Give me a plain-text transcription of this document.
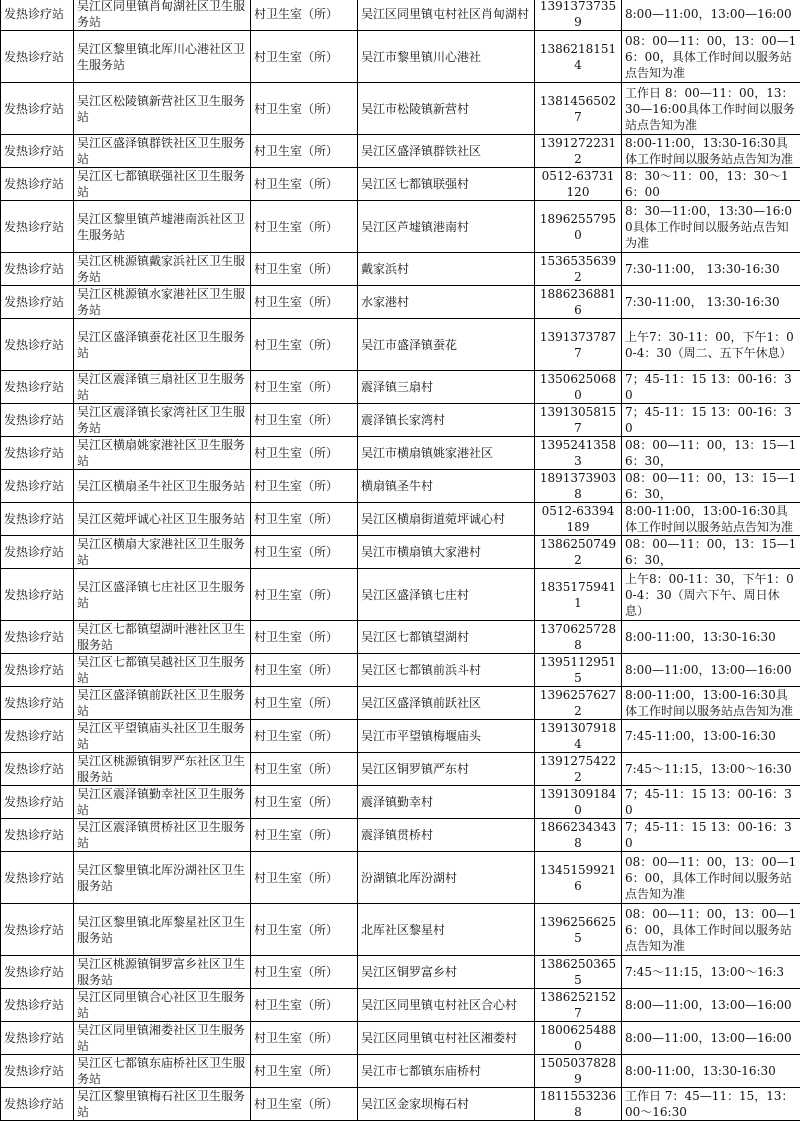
发热诊疗站	吴江区同里镇肖甸湖社区卫生服务站	村卫生室（所）	吴江区同里镇屯村社区肖甸湖村	13913737359	8:00—11:00，13:00—16:00
发热诊疗站	吴江区黎里镇北厍川心港社区卫生服务站	村卫生室（所）	吴江市黎里镇川心港社	13862181514	08：00—11：00，13：00—16：00，具体工作时间以服务站点告知为准
发热诊疗站	吴江区松陵镇新营社区卫生服务站	村卫生室（所）	吴江市松陵镇新营村	13814565027	工作日 8：00—11：00，13：30—16:00具体工作时间以服务站点告知为准
发热诊疗站	吴江区盛泽镇群铁社区卫生服务站	村卫生室（所）	吴江区盛泽镇群铁社区	13912722312	8:00-11:00，13:30-16:30具体工作时间以服务站点告知为准
发热诊疗站	吴江区七都镇联强社区卫生服务站	村卫生室（所）	吴江区七都镇联强村	0512-63731120	8：30～11：00，13：30～16：00
发热诊疗站	吴江区黎里镇芦墟港南浜社区卫生服务站	村卫生室（所）	吴江区芦墟镇港南村	18962557950	8：30—11:00，13:30—16:00具体工作时间以服务站点告知为准
发热诊疗站	吴江区桃源镇戴家浜社区卫生服务站	村卫生室（所）	戴家浜村	15365356392	7:30-11:00， 13:30-16:30
发热诊疗站	吴江区桃源镇水家港社区卫生服务站	村卫生室（所）	水家港村	18862368816	7:30-11:00， 13:30-16:30
发热诊疗站	吴江区盛泽镇蚕花社区卫生服务站	村卫生室（所）	吴江市盛泽镇蚕花	13913737877	上午7：30-11：00，下午1：00-4：30（周二、五下午休息）
发热诊疗站	吴江区震泽镇三扇社区卫生服务站	村卫生室（所）	震泽镇三扇村	13506250680	7；45-11：15 13：00-16：30
发热诊疗站	吴江区震泽镇长家湾社区卫生服务站	村卫生室（所）	震泽镇长家湾村	13913058157	7；45-11：15 13：00-16：30
发热诊疗站	吴江区横扇姚家港社区卫生服务站	村卫生室（所）	吴江市横扇镇姚家港社区	13952413583	08：00—11：00，13：15—16：30，
发热诊疗站	吴江区横扇圣牛社区卫生服务站	村卫生室（所）	横扇镇圣牛村	18913739038	08：00—11：00，13：15—16：30，
发热诊疗站	吴江区菀坪诚心社区卫生服务站	村卫生室（所）	吴江区横扇街道菀坪诚心村	0512-63394189	8:00-11:00，13:00-16:30具体工作时间以服务站点告知为准
发热诊疗站	吴江区横扇大家港社区卫生服务站	村卫生室（所）	吴江市横扇镇大家港村	13862507492	08：00—11：00，13：15—16：30，
发热诊疗站	吴江区盛泽镇七庄社区卫生服务站	村卫生室（所）	吴江区盛泽镇七庄村	18351759411	上午8：00-11：30，下午1：00-4：30（周六下午、周日休息）
发热诊疗站	吴江区七都镇望湖叶港社区卫生服务站	村卫生室（所）	吴江区七都镇望湖村	13706257288	8:00-11:00，13:30-16:30
发热诊疗站	吴江区七都镇吴越社区卫生服务站	村卫生室（所）	吴江区七都镇前浜斗村	13951129515	8:00—11:00，13:00—16:00
发热诊疗站	吴江区盛泽镇前跃社区卫生服务站	村卫生室（所）	吴江区盛泽镇前跃社区	13962576272	8:00-11:00，13:00-16:30具体工作时间以服务站点告知为准
发热诊疗站	吴江区平望镇庙头社区卫生服务站	村卫生室（所）	吴江市平望镇梅堰庙头	13913079184	7:45-11:00，13:00-16:30
发热诊疗站	吴江区桃源镇铜罗严东社区卫生服务站	村卫生室（所）	吴江区铜罗镇严东村	13912754222	7:45～11:15，13:00～16:30
发热诊疗站	吴江区震泽镇勤幸社区卫生服务站	村卫生室（所）	震泽镇勤幸村	13913091840	7；45-11：15 13：00-16：30
发热诊疗站	吴江区震泽镇贯桥社区卫生服务站	村卫生室（所）	震泽镇贯桥村	18662343438	7；45-11：15 13：00-16：30
发热诊疗站	吴江区黎里镇北厍汾湖社区卫生服务站	村卫生室（所）	汾湖镇北厍汾湖村	13451599216	08：00—11：00，13：00—16：00，具体工作时间以服务站点告知为准
发热诊疗站	吴江区黎里镇北厍黎星社区卫生服务站	村卫生室（所）	北厍社区黎星村	13962566255	08：00—11：00，13：00—16：00，具体工作时间以服务站点告知为准
发热诊疗站	吴江区桃源镇铜罗富乡社区卫生服务站	村卫生室（所）	吴江区铜罗富乡村	13862503655	7:45～11:15，13:00～16:3
发热诊疗站	吴江区同里镇合心社区卫生服务站	村卫生室（所）	吴江区同里镇屯村社区合心村	13862521527	8:00—11:00，13:00—16:00
发热诊疗站	吴江区同里镇湘娄社区卫生服务站	村卫生室（所）	吴江区同里镇屯村社区湘娄村	18006254880	8:00—11:00，13:00—16:00
发热诊疗站	吴江区七都镇东庙桥社区卫生服务站	村卫生室（所）	吴江市七都镇东庙桥村	15050378289	8:00-11:00，13:30-16:30
发热诊疗站	吴江区黎里镇梅石社区卫生服务站	村卫生室（所）	吴江区金家坝梅石村	18115532368	工作日 7：45—11：15，13：00～16:30
